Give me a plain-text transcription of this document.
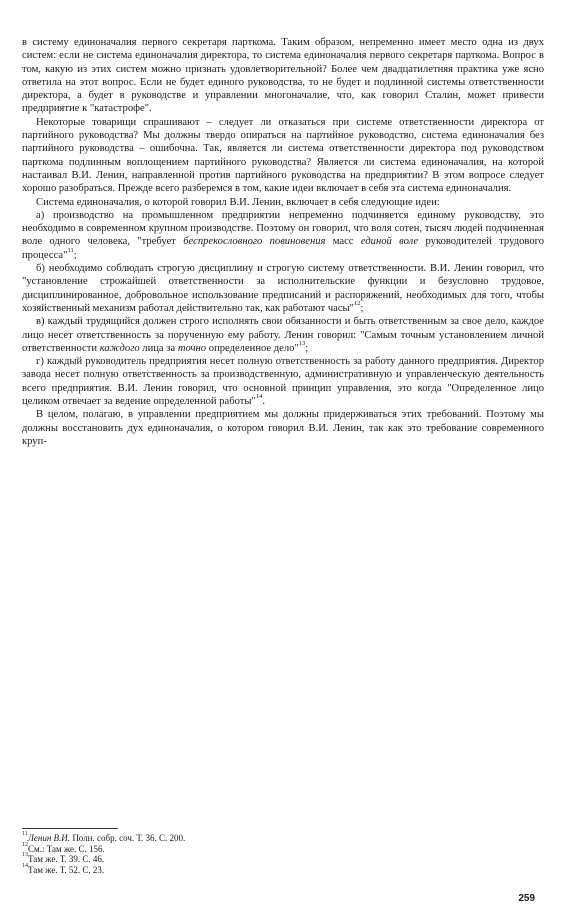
в систему единоначалия первого секретаря парткома. Таким образом, непременно имеет место одна из двух систем: если не система единоначалия директора, то система единоначалия первого секретаря парткома. Вопрос в том, какую из этих систем можно признать удовлетворительной? Более чем двадцатилетняя практика уже ясно ответила на этот вопрос. Если не будет единого руководства, то не будет и подлинной системы ответственности директора, а будет в руководстве и управлении многоначалие, что, как говорил Сталин, может привести предприятие к "катастрофе".

Некоторые товарищи спрашивают – следует ли отказаться при системе ответственности директора от партийного руководства? Мы должны твердо опираться на партийное руководство, система единоначалия без партийного руководства – ошибочна. Так, является ли система ответственности директора под руководством парткома подлинным воплощением партийного руководства? Является ли система единоначалия, на которой настаивал В.И. Ленин, направленной против партийного руководства на предприятии? В этом вопросе следует хорошо разобраться. Прежде всего разберемся в том, какие идеи включает в себя эта система единоначалия.

Система единоначалия, о которой говорил В.И. Ленин, включает в себя следующие идеи:

а) производство на промышленном предприятии непременно подчиняется единому руководству, это необходимо в современном крупном производстве. Поэтому он говорил, что воля сотен, тысяч людей подчиненная воле одного человека, "требует беспрекословного повиновения масс единой воле руководителей трудового процесса"$^{11}$;

б) необходимо соблюдать строгую дисциплину и строгую систему ответственности. В.И. Ленин говорил, что "установление строжайшей ответственности за исполнительские функции и безусловно трудовое, дисциплинированное, добровольное использование предписаний и распоряжений, необходимых для того, чтобы хозяйственный механизм работал действительно так, как работают часы"$^{12}$;

в) каждый трудящийся должен строго исполнять свои обязанности и быть ответственным за свое дело, каждое лицо несет ответственность за порученную ему работу. Ленин говорил: "Самым точным установлением личной ответственности каждого лица за точно определенное дело"$^{13}$;

г) каждый руководитель предприятия несет полную ответственность за работу данного предприятия. Директор завода несет полную ответственность за производственную, административную и управленческую деятельность всего предприятия. В.И. Ленин говорил, что основной принцип управления, это когда "Определенное лицо целиком отвечает за ведение определенной работы"$^{14}$.

В целом, полагаю, в управлении предприятием мы должны придерживаться этих требований. Поэтому мы должны восстановить дух единоначалия, о котором говорил В.И. Ленин, так как это требование современного круп-

$^{11}$Ленин В.И. Полн. собр. соч. Т. 36. С. 200.
$^{12}$См.: Там же. С. 156.
$^{13}$Там же. Т. 39. С. 46.
$^{14}$Там же. Т. 52. С. 23.
259
